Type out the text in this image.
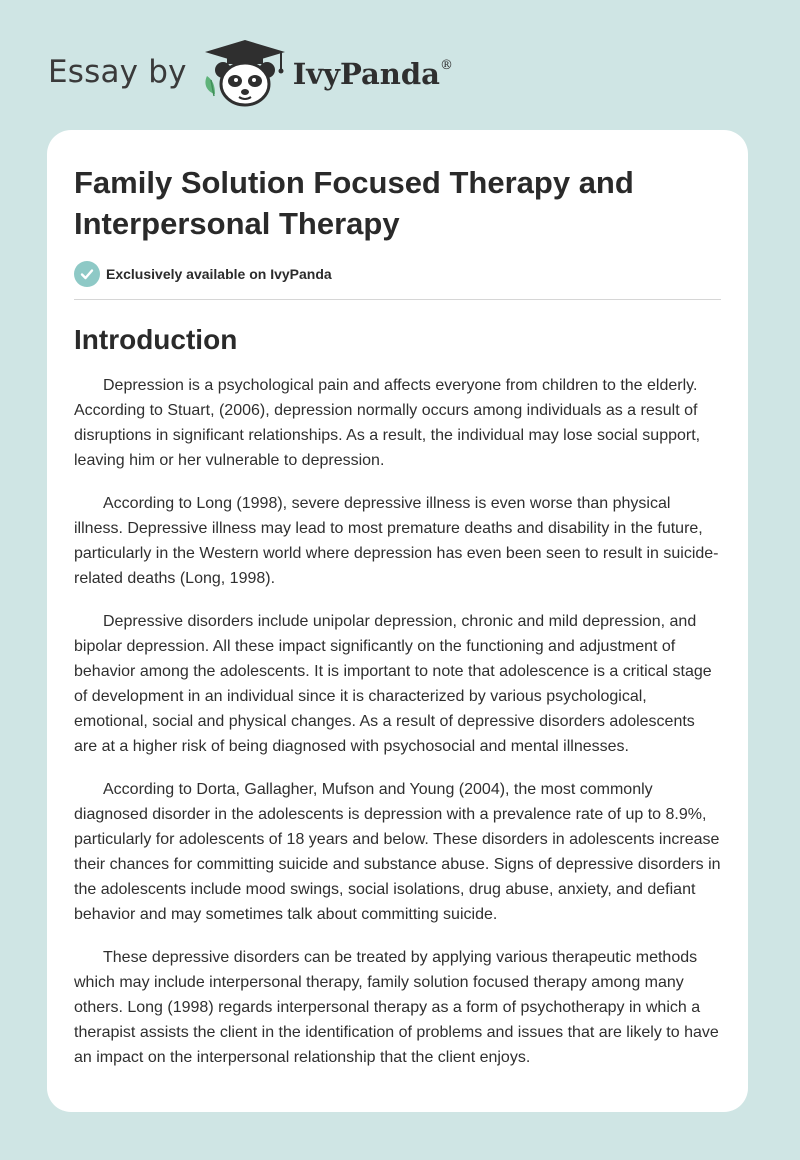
Essay by	IvyPanda®
Family Solution Focused Therapy and Interpersonal Therapy
Exclusively available on IvyPanda
Introduction

Depression is a psychological pain and affects everyone from children to the elderly. According to Stuart, (2006), depression normally occurs among individuals as a result of disruptions in significant relationships. As a result, the individual may lose social support, leaving him or her vulnerable to depression.

According to Long (1998), severe depressive illness is even worse than physical illness. Depressive illness may lead to most premature deaths and disability in the future, particularly in the Western world where depression has even been seen to result in suicide-related deaths (Long, 1998).

Depressive disorders include unipolar depression, chronic and mild depression, and bipolar depression. All these impact significantly on the functioning and adjustment of behavior among the adolescents. It is important to note that adolescence is a critical stage of development in an individual since it is characterized by various psychological, emotional, social and physical changes. As a result of depressive disorders adolescents are at a higher risk of being diagnosed with psychosocial and mental illnesses.

According to Dorta, Gallagher, Mufson and Young (2004), the most commonly diagnosed disorder in the adolescents is depression with a prevalence rate of up to 8.9%, particularly for adolescents of 18 years and below. These disorders in adolescents increase their chances for committing suicide and substance abuse. Signs of depressive disorders in the adolescents include mood swings, social isolations, drug abuse, anxiety, and defiant behavior and may sometimes talk about committing suicide.

These depressive disorders can be treated by applying various therapeutic methods which may include interpersonal therapy, family solution focused therapy among many others. Long (1998) regards interpersonal therapy as a form of psychotherapy in which a therapist assists the client in the identification of problems and issues that are likely to have an impact on the interpersonal relationship that the client enjoys.
